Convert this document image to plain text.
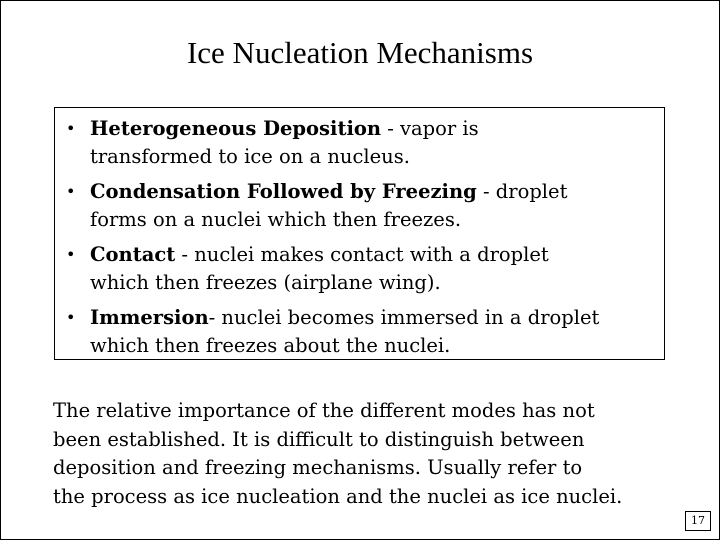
Ice Nucleation Mechanisms
• Heterogeneous Deposition - vapor is
transformed to ice on a nucleus.
• Condensation Followed by Freezing - droplet
forms on a nuclei which then freezes.
• Contact - nuclei makes contact with a droplet
which then freezes (airplane wing).
• Immersion- nuclei becomes immersed in a droplet
which then freezes about the nuclei.
The relative importance of the different modes has not
been established. It is difficult to distinguish between
deposition and freezing mechanisms. Usually refer to
the process as ice nucleation and the nuclei as ice nuclei.
17
